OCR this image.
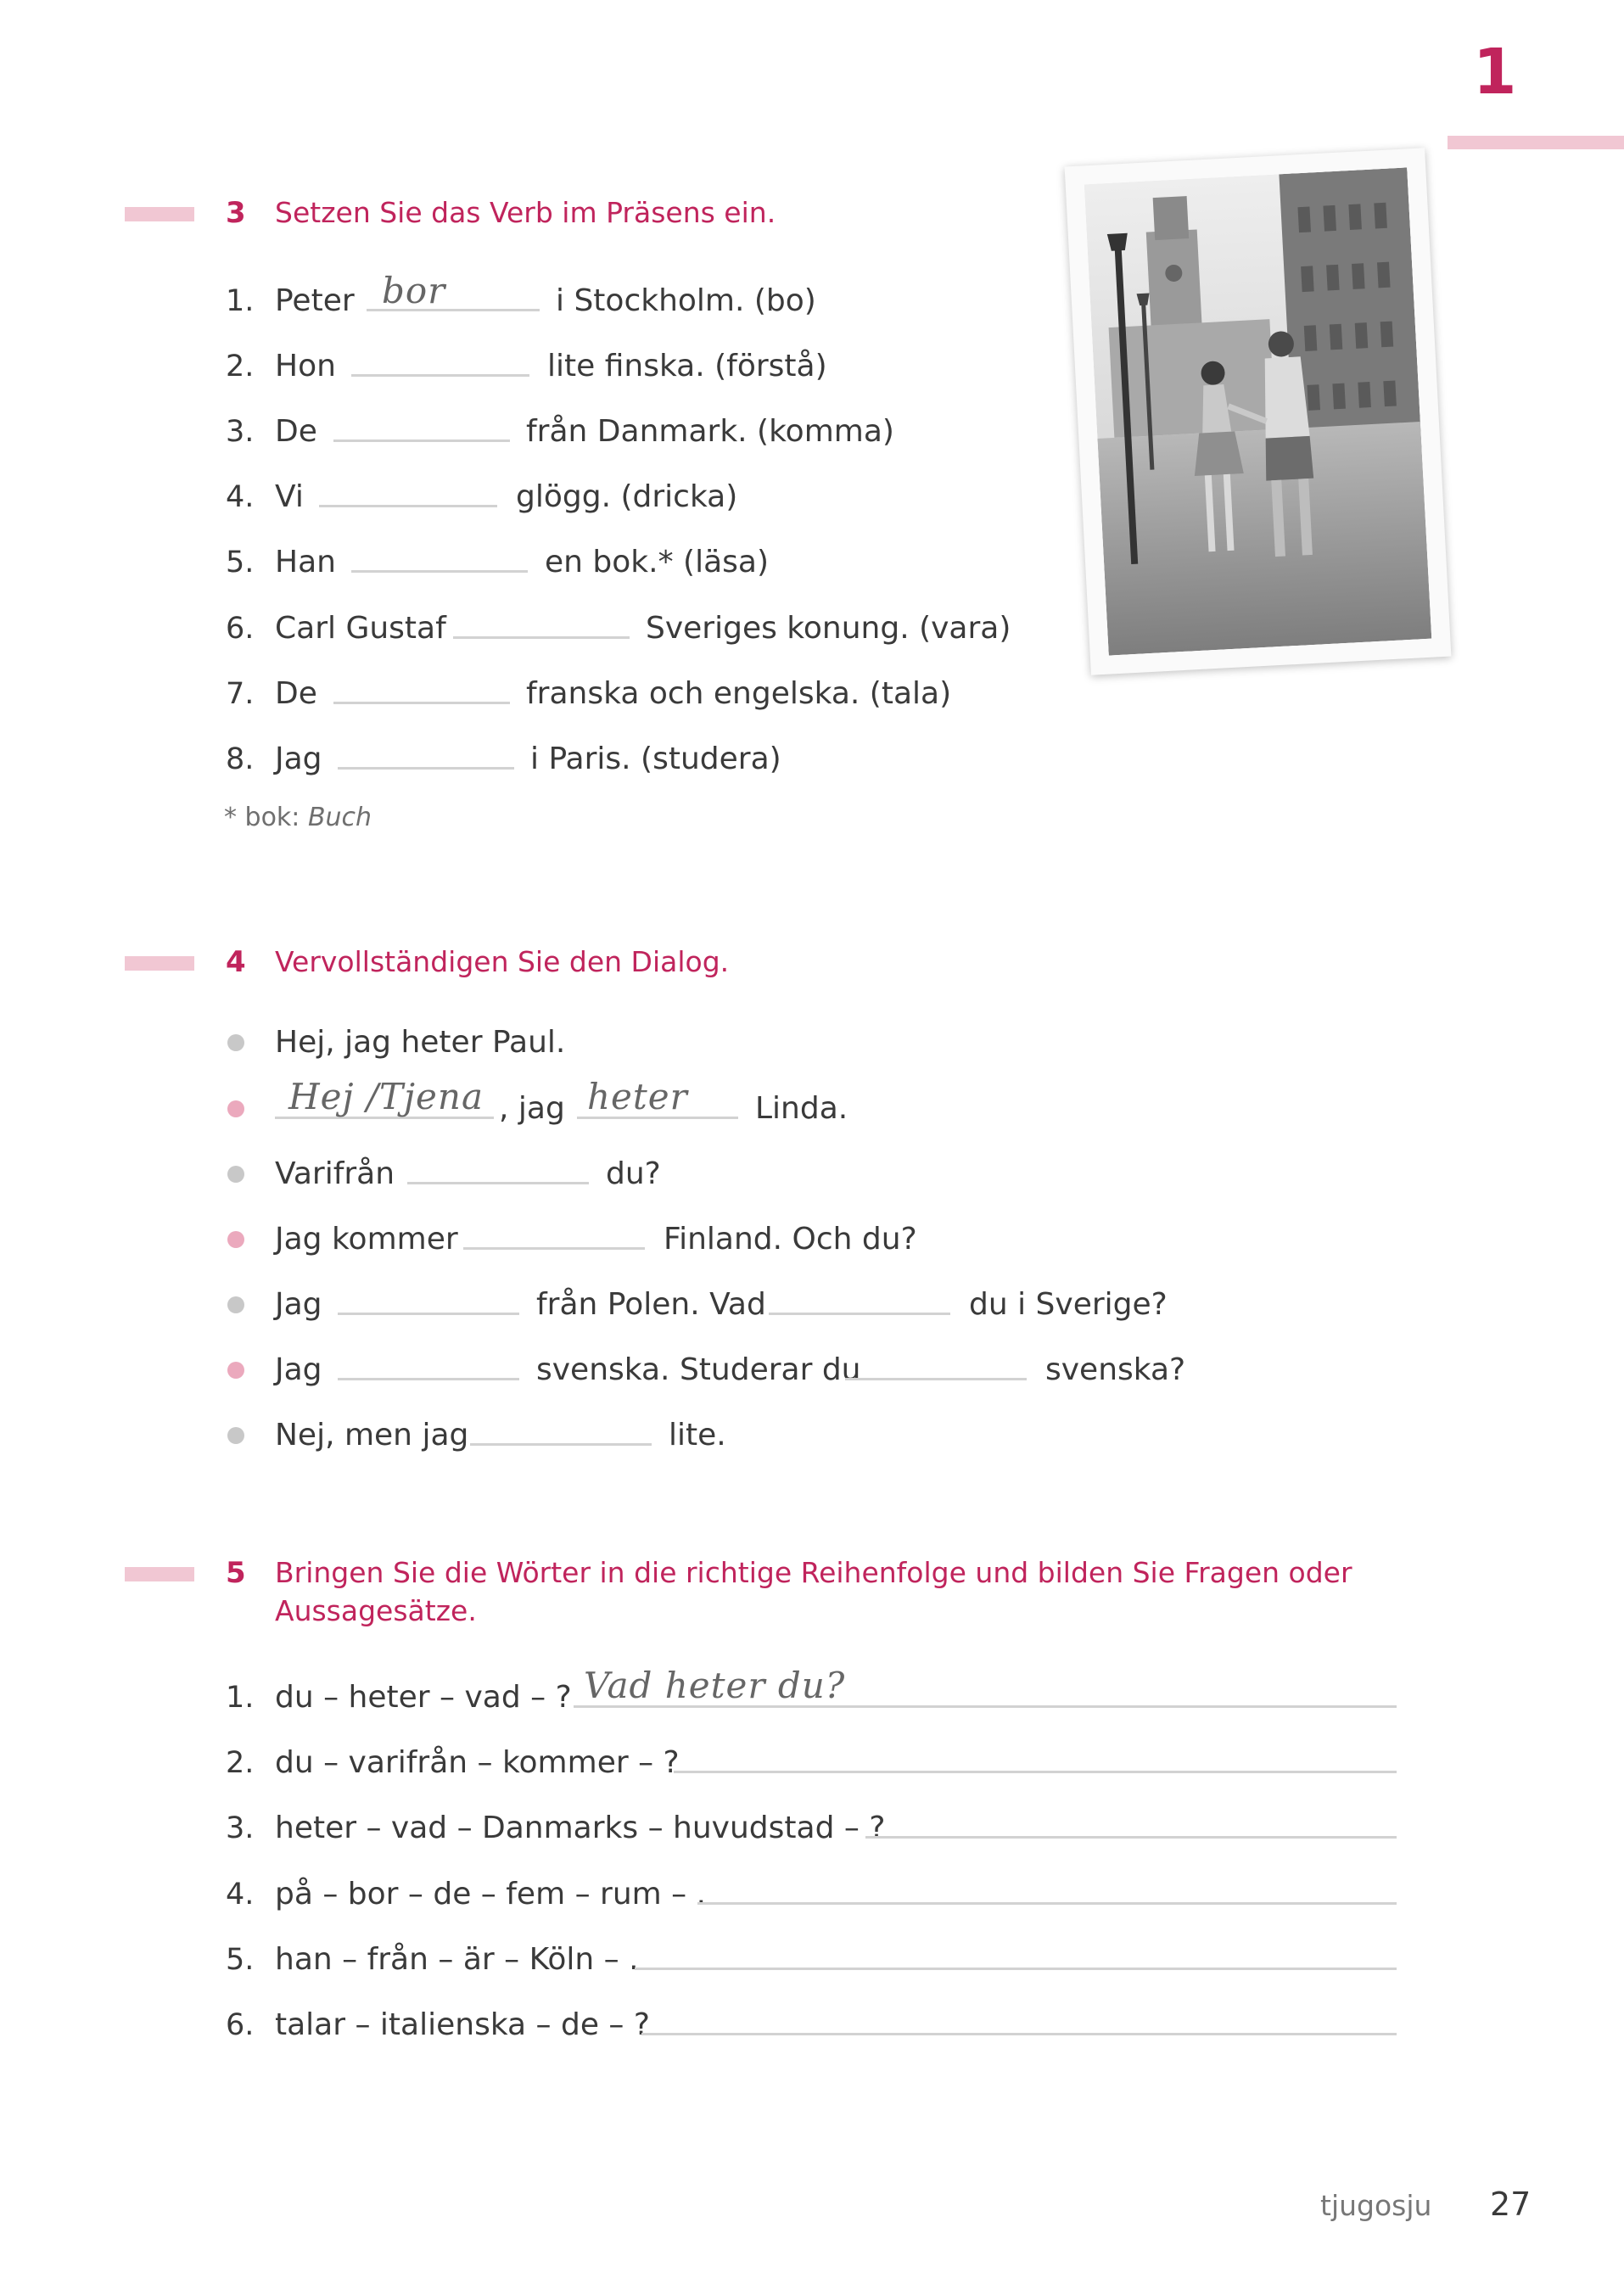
1
3 Setzen Sie das Verb im Präsens ein.
1. Peter bor	i Stockholm. (bo)
2. Hon	lite finska. (förstå)
3. De	från Danmark. (komma)
4. Vi	glögg. (dricka)
5. Han	en bok.* (läsa)
6. Carl Gustaf	Sveriges konung. (vara)
7. De	franska och engelska. (tala)
8. Jag	i Paris. (studera)
* bok: Buch
4 Vervollständigen Sie den Dialog.
Hej, jag heter Paul.
Hej /Tjena , jag heter Linda.
Varifrån	du?
Jag kommer	Finland. Och du?
Jag	från Polen. Vad	du i Sverige?
Jag	svenska. Studerar du	svenska?
Nej, men jag	lite.
5 Bringen Sie die Wörter in die richtige Reihenfolge und bilden Sie Fragen oder
Aussagesätze.
1. du – heter – vad – ? Vad heter du?
2. du – varifrån – kommer – ?
3. heter – vad – Danmarks – huvudstad – ?
4. på – bor – de – fem – rum – .
5. han – från – är – Köln – .
6. talar – italienska – de – ?
tjugosju 27
